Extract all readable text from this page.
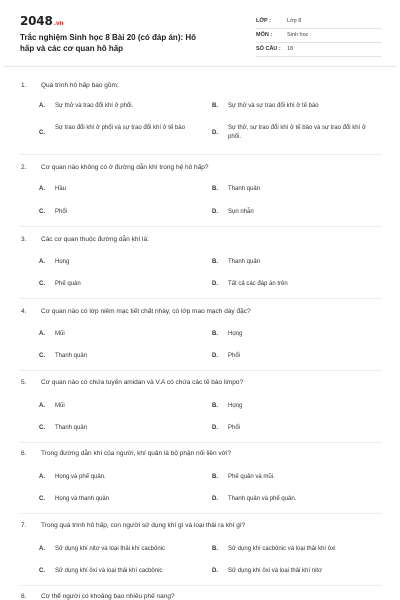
2048.vn
Trắc nghiệm Sinh học 8 Bài 20 (có đáp án): Hô hấp và các cơ quan hô hấp
LỚP :	Lớp 8
MÔN :	Sinh học
SỐ CÂU : 18
1. Quá trình hô hấp bao gồm:
A. Sự thở và trao đổi khí ở phổi.	B. Sự thở và sự trao đổi khí ở tế bào
C.
Sự trao đổi khí ở phổi và sự trao đổi khí ở tế bào
D.
Sự thở, sự trao đổi khí ở tế bào và sự trao đổi khí ở phổi.
2. Cơ quan nào không có ở đường dẫn khí trong hệ hô hấp?
A. Hầu	B. Thanh quản
C. Phổi	D. Sụn nhẫn
3. Các cơ quan thuộc đường dẫn khí là:
A. Họng	B. Thanh quản
C. Phế quản	D. Tất cả các đáp án trên
4. Cơ quan nào có lớp niêm mạc tiết chất nhày, có lớp mao mạch dày đặc?
A. Mũi	B. Họng
C. Thanh quản	D. Phổi
5. Cơ quan nào có chứa tuyến amidan và V.A có chứa các tế bào limpo?
A. Mũi	B. Họng
C. Thanh quản	D. Phổi
6. Trong đường dẫn khí của người, khí quản là bộ phận nối liền với?
A. Họng và phế quản.	B. Phế quản và mũi.
C. Họng và thanh quản	D. Thanh quản và phế quản.
7. Trong quá trình hô hấp, con người sử dụng khí gì và loại thải ra khí gì?
A. Sử dụng khí nitơ và loại thải khí cacbônic	B. Sử dụng khí cacbônic và loại thải khí ôxi
C. Sử dụng khí ôxi và loại thải khí cacbônic	D. Sử dụng khí ôxi và loại thải khí nitơ
8. Cơ thể người có khoảng bao nhiêu phế nang?
